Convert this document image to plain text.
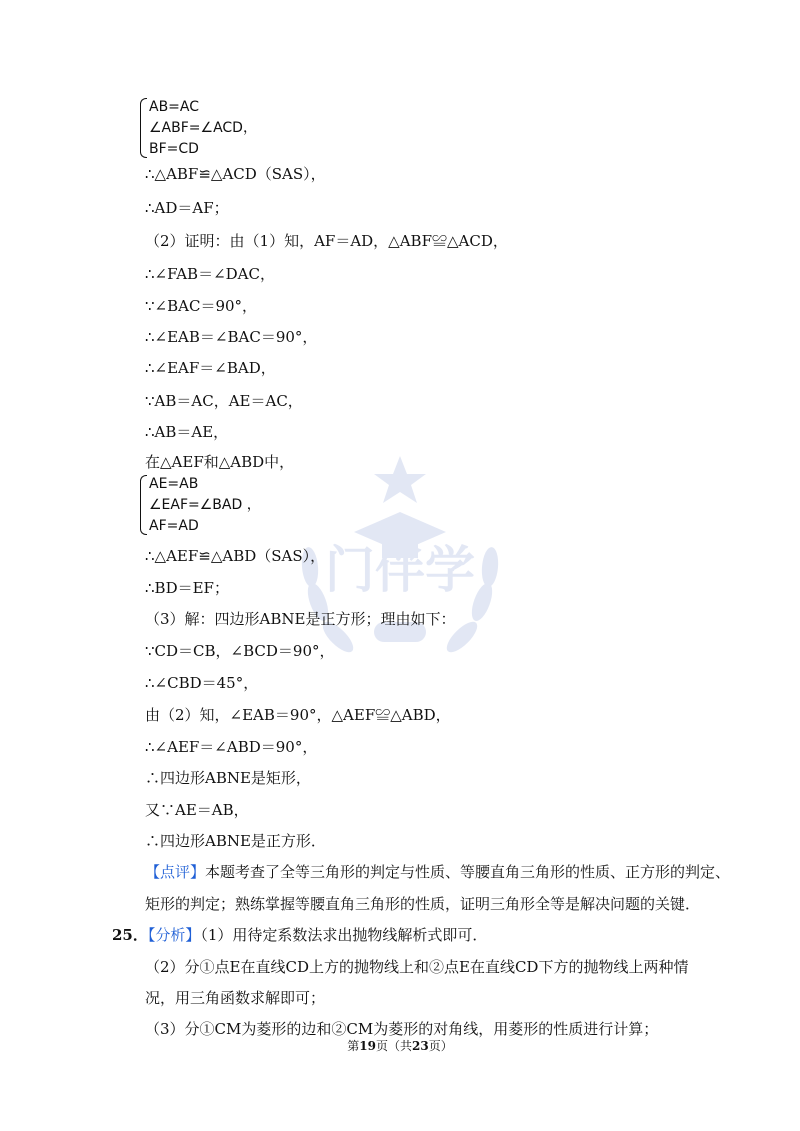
门伴学
AB=AC
∠ABF=∠ACD，
BF=CD
∴△ABF≌△ACD（SAS），
∴AD＝AF；
（2）证明：由（1）知，AF＝AD，△ABF≌△ACD，
∴∠FAB＝∠DAC，
∵∠BAC＝90°，
∴∠EAB＝∠BAC＝90°，
∴∠EAF＝∠BAD，
∵AB＝AC，AE＝AC，
∴AB＝AE，
在△AEF和△ABD中，
AE=AB
∠EAF=∠BAD ，
AF=AD
∴△AEF≌△ABD（SAS），
∴BD＝EF；
（3）解：四边形ABNE是正方形；理由如下：
∵CD＝CB，∠BCD＝90°，
∴∠CBD＝45°，
由（2）知，∠EAB＝90°，△AEF≌△ABD，
∴∠AEF＝∠ABD＝90°，
∴四边形ABNE是矩形，
又∵AE＝AB，
∴四边形ABNE是正方形．
【点评】本题考查了全等三角形的判定与性质、等腰直角三角形的性质、正方形的判定、
矩形的判定；熟练掌握等腰直角三角形的性质，证明三角形全等是解决问题的关键．
25．【分析】（1）用待定系数法求出抛物线解析式即可．
（2）分①点E在直线CD上方的抛物线上和②点E在直线CD下方的抛物线上两种情
况，用三角函数求解即可；
（3）分①CM为菱形的边和②CM为菱形的对角线，用菱形的性质进行计算；
第19页（共23页）
